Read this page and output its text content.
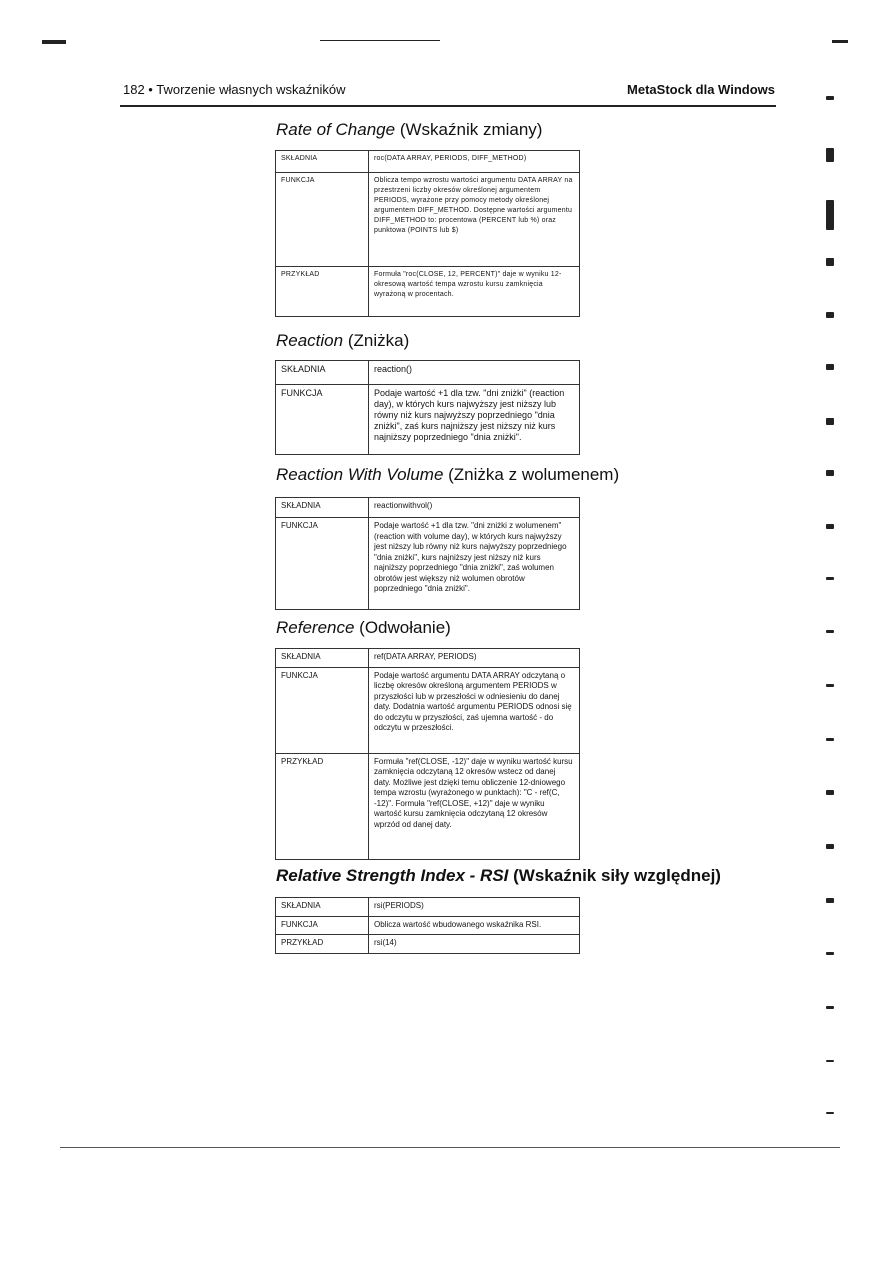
182 • Tworzenie własnych wskaźników	MetaStock dla Windows
Rate of Change (Wskaźnik zmiany)
SKŁADNIA	roc(DATA ARRAY, PERIODS, DIFF_METHOD)
FUNKCJA	Oblicza tempo wzrostu wartości argumentu DATA ARRAY na przestrzeni liczby okresów określonej argumentem PERIODS, wyrażone przy pomocy metody określonej argumentem DIFF_METHOD. Dostępne wartości argumentu DIFF_METHOD to: procentowa (PERCENT lub %) oraz punktowa (POINTS lub $)
PRZYKŁAD	Formuła "roc(CLOSE, 12, PERCENT)" daje w wyniku 12-okresową wartość tempa wzrostu kursu zamknięcia wyrażoną w procentach.
Reaction (Zniżka)
SKŁADNIA	reaction()
FUNKCJA	Podaje wartość +1 dla tzw. "dni zniżki" (reaction day), w których kurs najwyższy jest niższy lub równy niż kurs najwyższy poprzedniego "dnia zniżki", zaś kurs najniższy jest niższy niż kurs najniższy poprzedniego "dnia zniżki".
Reaction With Volume (Zniżka z wolumenem)
SKŁADNIA	reactionwithvol()
FUNKCJA	Podaje wartość +1 dla tzw. "dni zniżki z wolumenem" (reaction with volume day), w których kurs najwyższy jest niższy lub równy niż kurs najwyższy poprzedniego "dnia zniżki", kurs najniższy jest niższy niż kurs najniższy poprzedniego "dnia zniżki", zaś wolumen obrotów jest większy niż wolumen obrotów poprzedniego "dnia zniżki".
Reference (Odwołanie)
SKŁADNIA	ref(DATA ARRAY, PERIODS)
FUNKCJA	Podaje wartość argumentu DATA ARRAY odczytaną o liczbę okresów określoną argumentem PERIODS w przyszłości lub w przeszłości w odniesieniu do danej daty. Dodatnia wartość argumentu PERIODS odnosi się do odczytu w przyszłości, zaś ujemna wartość - do odczytu w przeszłości.
PRZYKŁAD	Formuła "ref(CLOSE, -12)" daje w wyniku wartość kursu zamknięcia odczytaną 12 okresów wstecz od danej daty. Możliwe jest dzięki temu obliczenie 12-dniowego tempa wzrostu (wyrażonego w punktach): "C - ref(C, -12)". Formuła "ref(CLOSE, +12)" daje w wyniku wartość kursu zamknięcia odczytaną 12 okresów wprzód od danej daty.
Relative Strength Index - RSI (Wskaźnik siły względnej)
SKŁADNIA	rsi(PERIODS)
FUNKCJA	Oblicza wartość wbudowanego wskaźnika RSI.
PRZYKŁAD	rsi(14)
